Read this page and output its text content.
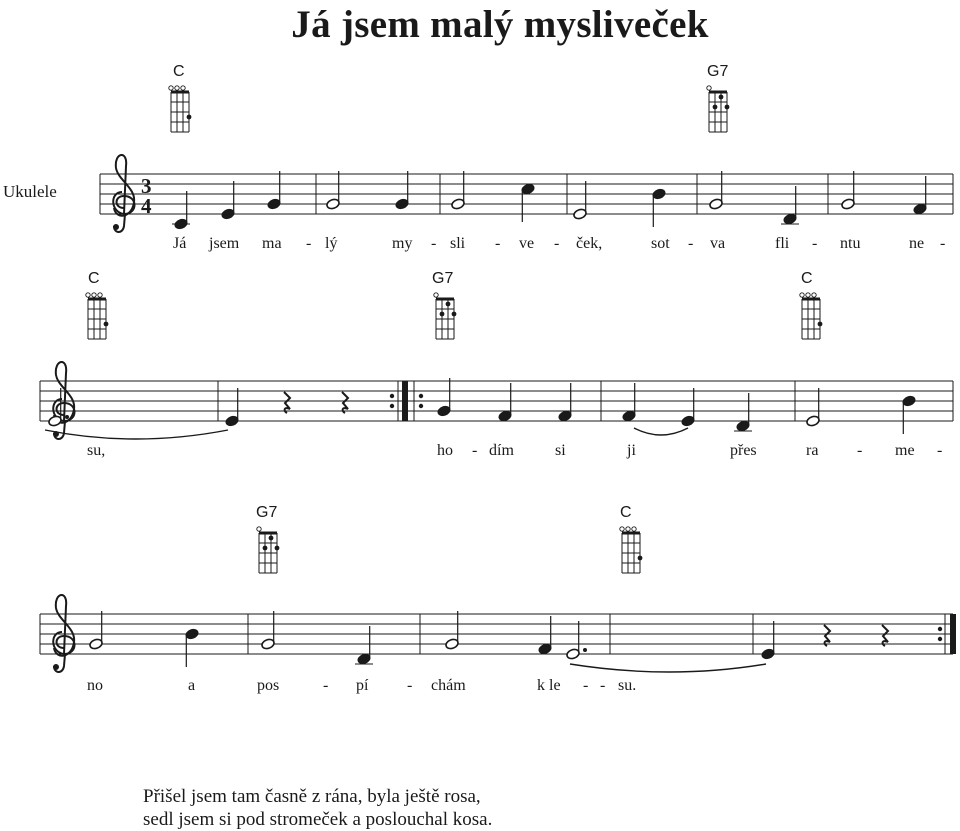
Já jsem malý mysliveček
Ukulele
C	G7
C	G7	C
G7	C
3
4
Já jsem ma - lý	my - sli - ve - ček,	sot - va	fli - ntu	ne -
su,	ho - dím	si	ji	přes	ra - me -
no	a	pos	- pí - chám	k le - - su.
Přišel jsem tam časně z rána, byla ještě rosa,
sedl jsem si pod stromeček a poslouchal kosa.
